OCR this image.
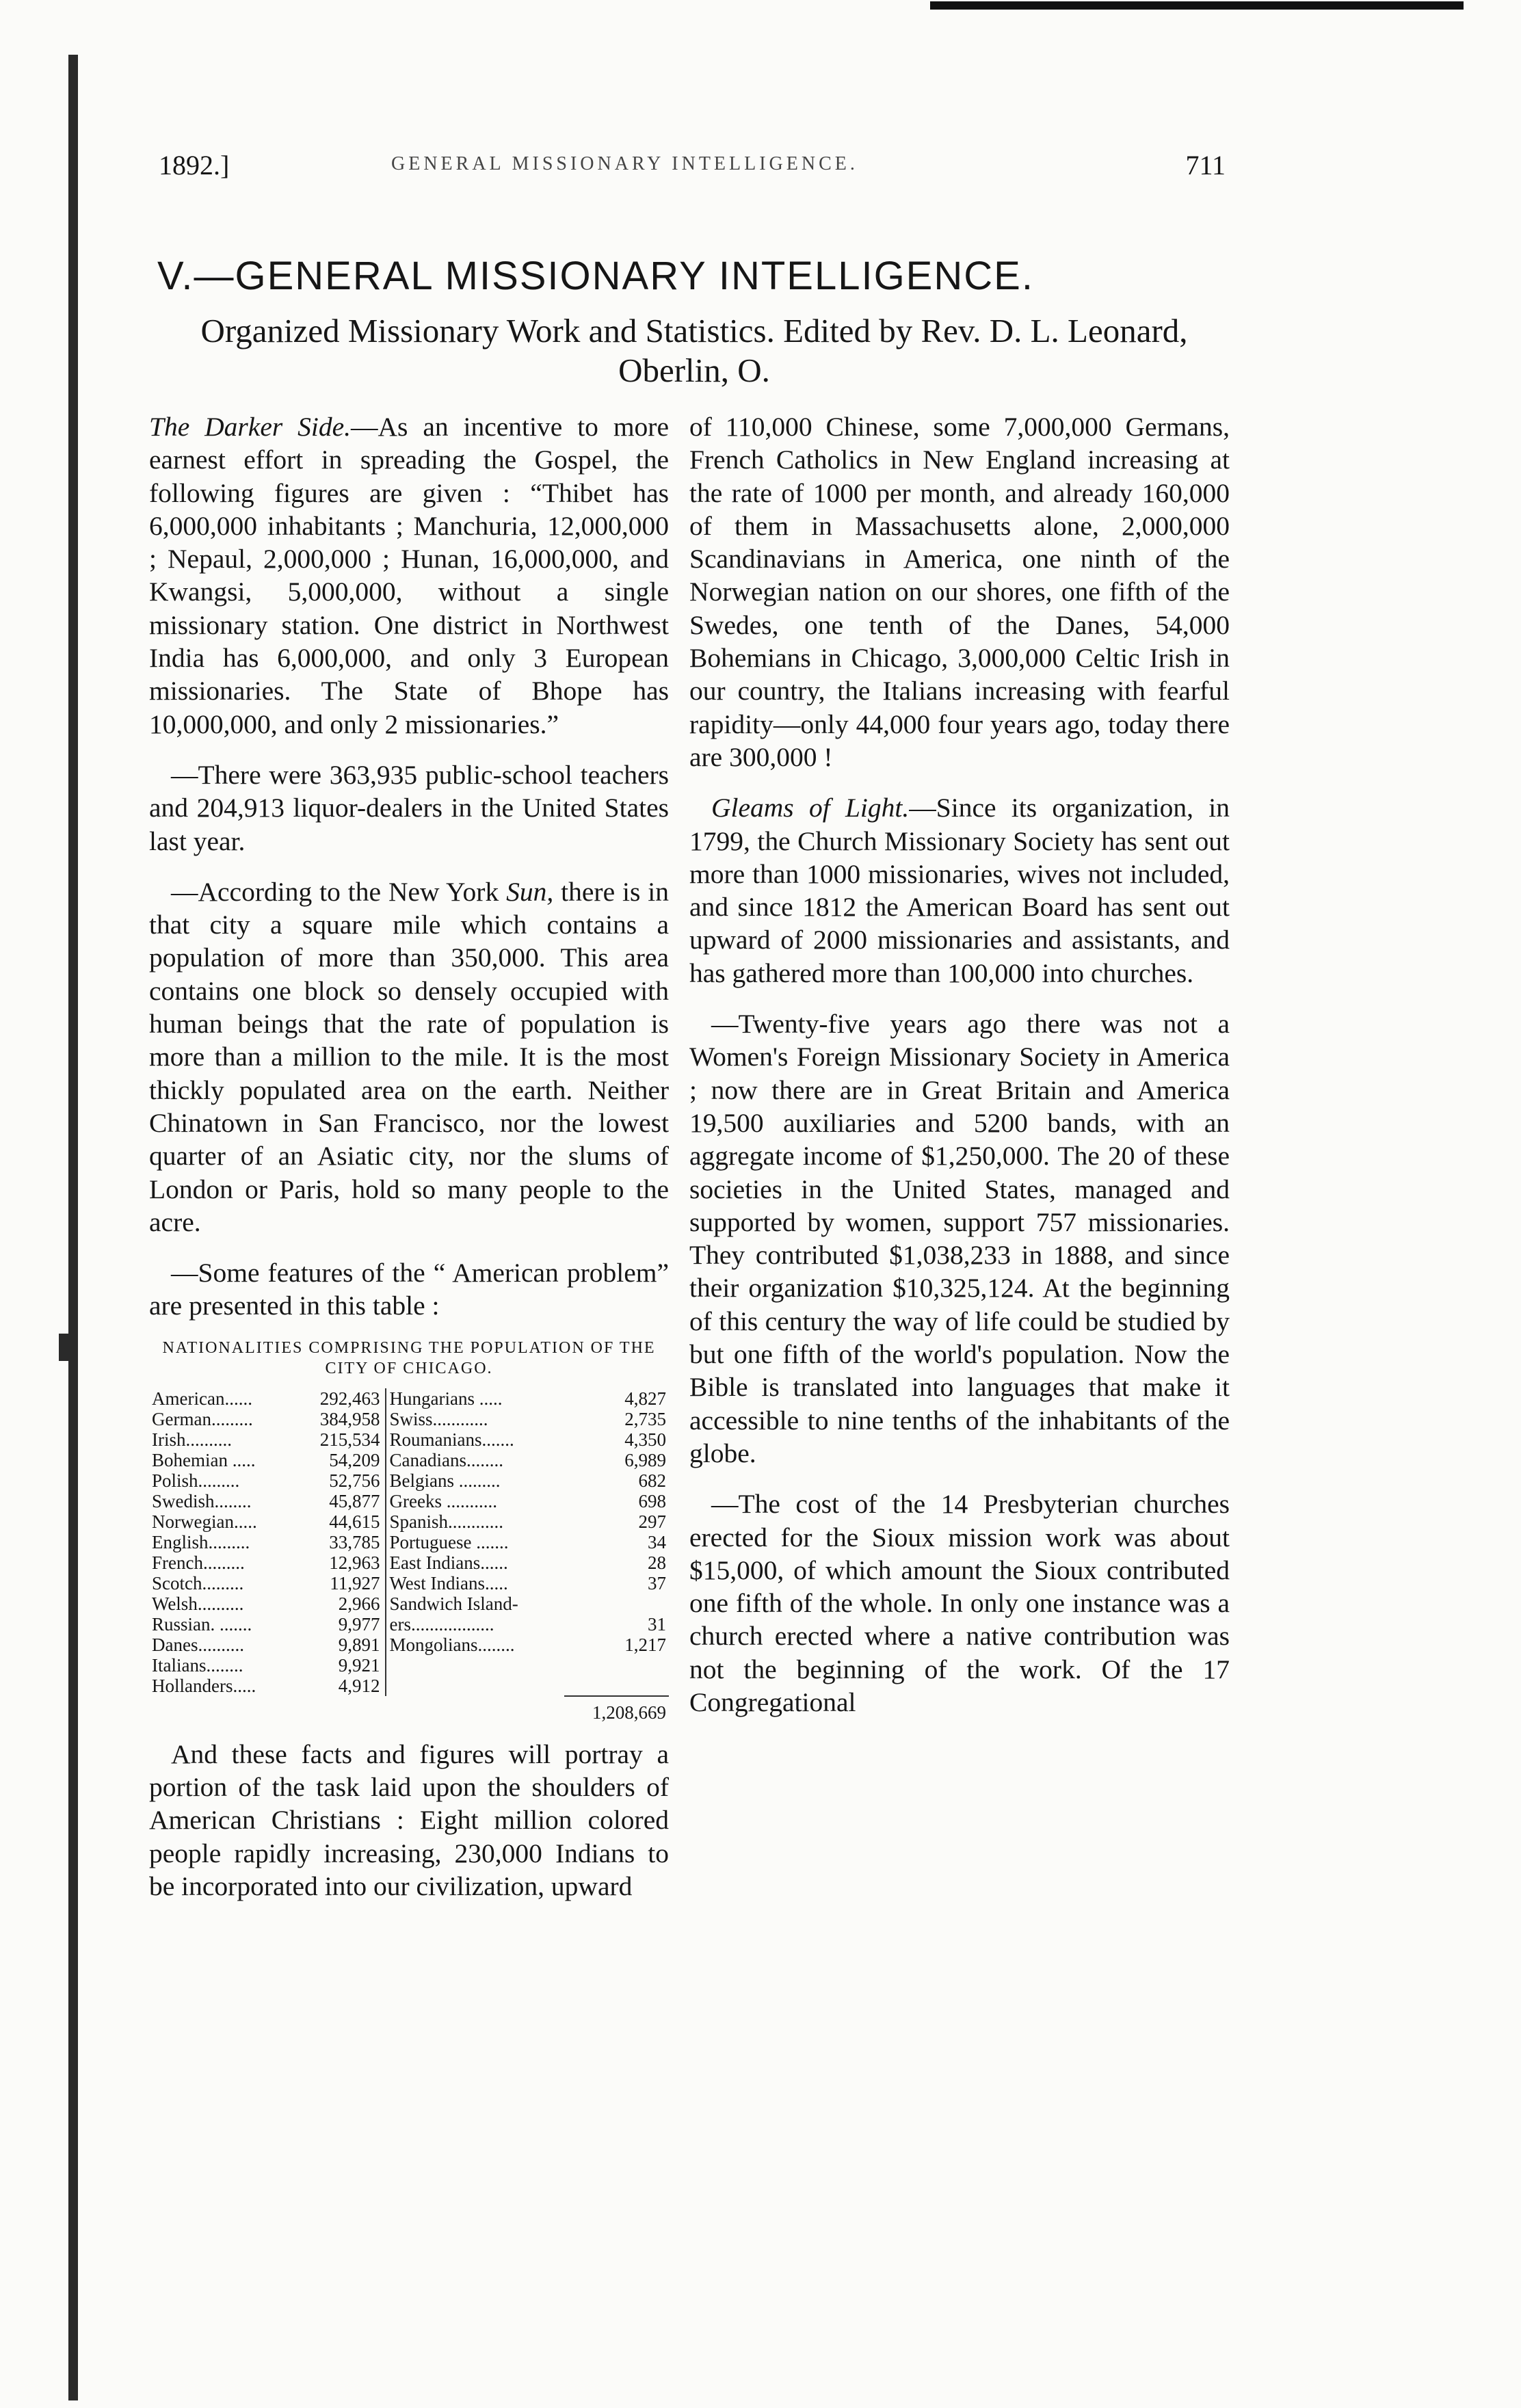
1892.]	GENERAL MISSIONARY INTELLIGENCE.	711
V.—GENERAL MISSIONARY INTELLIGENCE.
Organized Missionary Work and Statistics. Edited by Rev. D. L. Leonard, Oberlin, O.

The Darker Side.—As an incentive to more earnest effort in spreading the Gospel, the following figures are given : “Thibet has 6,000,000 inhabitants ; Manchuria, 12,000,000 ; Nepaul, 2,000,000 ; Hunan, 16,000,000, and Kwangsi, 5,000,000, without a single missionary station. One district in Northwest India has 6,000,000, and only 3 European missionaries. The State of Bhope has 10,000,000, and only 2 missionaries.”

—There were 363,935 public-school teachers and 204,913 liquor-dealers in the United States last year.

—According to the New York Sun, there is in that city a square mile which contains a population of more than 350,000. This area contains one block so densely occupied with human beings that the rate of population is more than a million to the mile. It is the most thickly populated area on the earth. Neither Chinatown in San Francisco, nor the lowest quarter of an Asiatic city, nor the slums of London or Paris, hold so many people to the acre.

—Some features of the “ American problem” are presented in this table :

NATIONALITIES COMPRISING THE POPULATION OF THE CITY OF CHICAGO.
American......	292,463	Hungarians .....	4,827
German.........	384,958	Swiss............	2,735
Irish..........	215,534	Roumanians.......	4,350
Bohemian .....	54,209	Canadians........	6,989
Polish.........	52,756	Belgians .........	682
Swedish........	45,877	Greeks ...........	698
Norwegian.....	44,615	Spanish............	297
English.........	33,785	Portuguese .......	34
French.........	12,963	East Indians......	28
Scotch.........	11,927	West Indians.....	37
Welsh..........	2,966	Sandwich Island-	
Russian. .......	9,977	ers..................	31
Danes..........	9,891	Mongolians........	1,217
Italians........	9,921		
Hollanders.....	4,912		
			1,208,669

And these facts and figures will portray a portion of the task laid upon the shoulders of American Christians : Eight million colored people rapidly increasing, 230,000 Indians to be incorporated into our civilization, upward

of 110,000 Chinese, some 7,000,000 Germans, French Catholics in New England increasing at the rate of 1000 per month, and already 160,000 of them in Massachusetts alone, 2,000,000 Scandinavians in America, one ninth of the Norwegian nation on our shores, one fifth of the Swedes, one tenth of the Danes, 54,000 Bohemians in Chicago, 3,000,000 Celtic Irish in our country, the Italians increasing with fearful rapidity—only 44,000 four years ago, today there are 300,000 !

Gleams of Light.—Since its organization, in 1799, the Church Missionary Society has sent out more than 1000 missionaries, wives not included, and since 1812 the American Board has sent out upward of 2000 missionaries and assistants, and has gathered more than 100,000 into churches.

—Twenty-five years ago there was not a Women's Foreign Missionary Society in America ; now there are in Great Britain and America 19,500 auxiliaries and 5200 bands, with an aggregate income of $1,250,000. The 20 of these societies in the United States, managed and supported by women, support 757 missionaries. They contributed $1,038,233 in 1888, and since their organization $10,325,124. At the beginning of this century the way of life could be studied by but one fifth of the world's population. Now the Bible is translated into languages that make it accessible to nine tenths of the inhabitants of the globe.

—The cost of the 14 Presbyterian churches erected for the Sioux mission work was about $15,000, of which amount the Sioux contributed one fifth of the whole. In only one instance was a church erected where a native contribution was not the beginning of the work. Of the 17 Congregational
